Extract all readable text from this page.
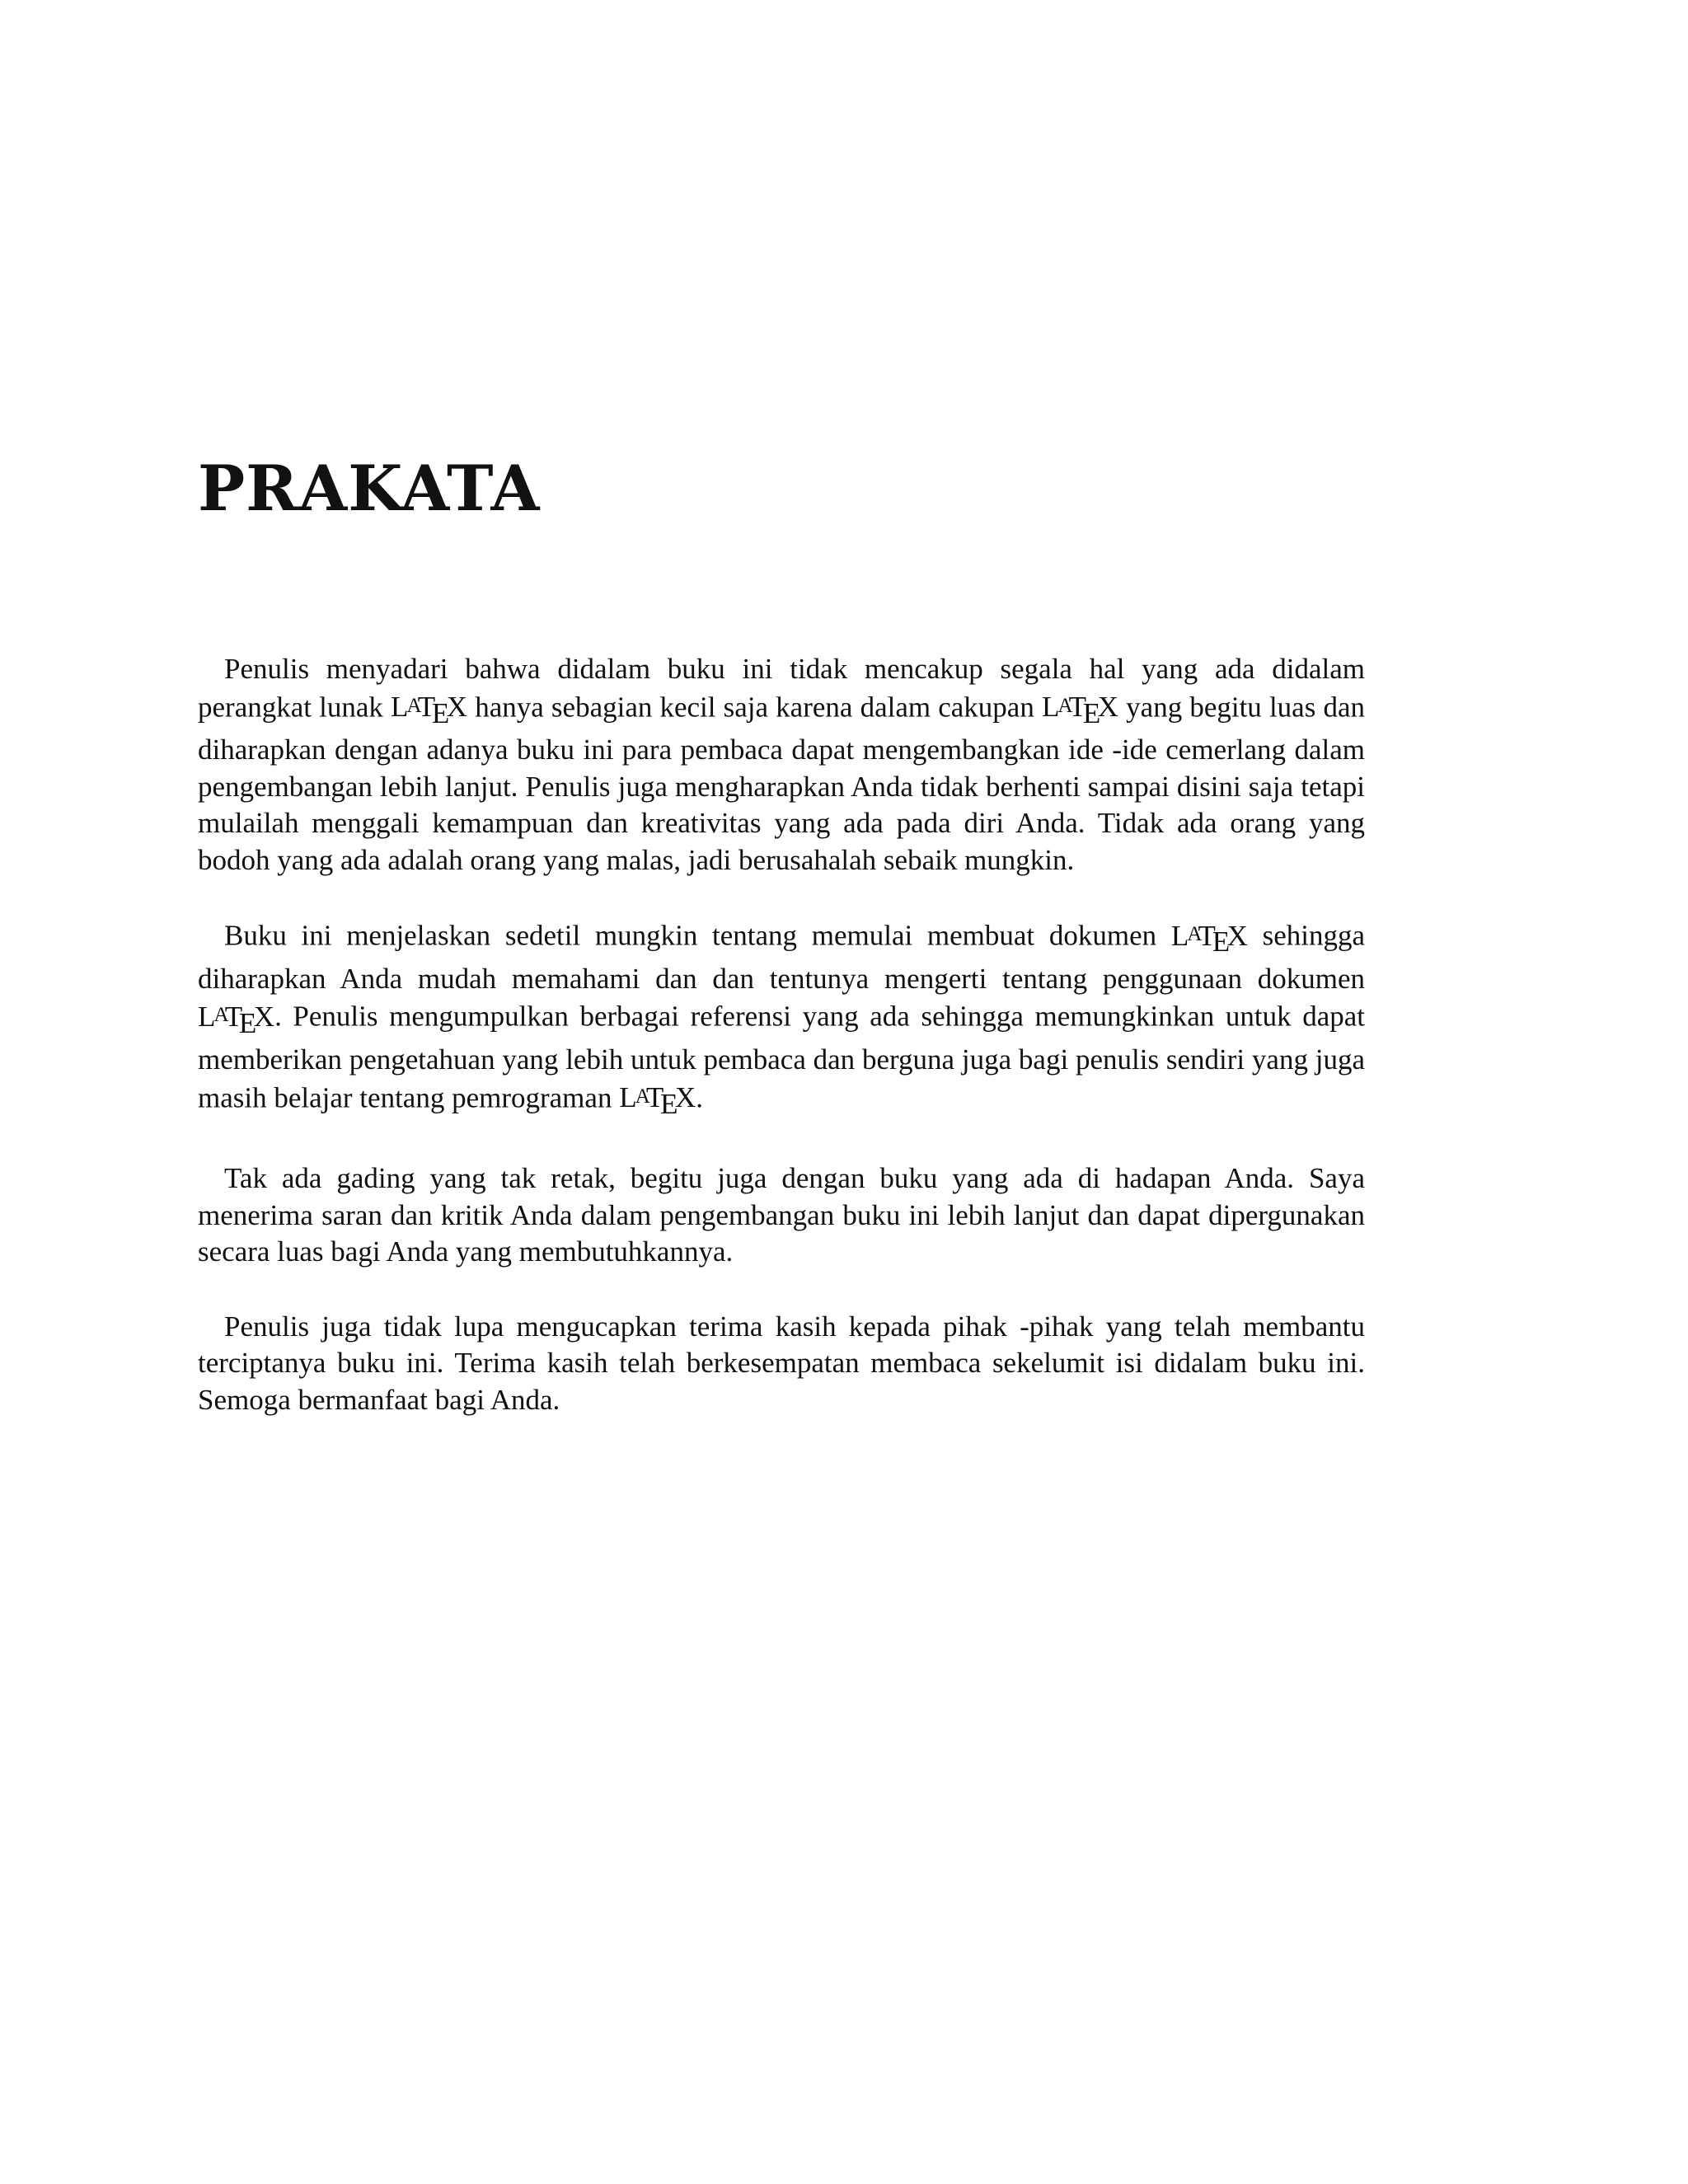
PRAKATA

Penulis menyadari bahwa didalam buku ini tidak mencakup segala hal yang ada didalam perangkat lunak LATEX hanya sebagian kecil saja karena dalam cakupan LATEX yang begitu luas dan diharapkan dengan adanya buku ini para pembaca dapat mengembangkan ide -ide cemerlang dalam pengembangan lebih lanjut. Penulis juga mengharapkan Anda tidak berhenti sampai disini saja tetapi mulailah menggali kemampuan dan kreativitas yang ada pada diri Anda. Tidak ada orang yang bodoh yang ada adalah orang yang malas, jadi berusahalah sebaik mungkin.

Buku ini menjelaskan sedetil mungkin tentang memulai membuat dokumen LATEX sehingga diharapkan Anda mudah memahami dan dan tentunya mengerti tentang penggunaan dokumen LATEX. Penulis mengumpulkan berbagai referensi yang ada sehingga memungkinkan untuk dapat memberikan pengetahuan yang lebih untuk pembaca dan berguna juga bagi penulis sendiri yang juga masih belajar tentang pemrograman LATEX.

Tak ada gading yang tak retak, begitu juga dengan buku yang ada di hadapan Anda. Saya menerima saran dan kritik Anda dalam pengembangan buku ini lebih lanjut dan dapat dipergunakan secara luas bagi Anda yang membutuhkannya.

Penulis juga tidak lupa mengucapkan terima kasih kepada pihak -pihak yang telah membantu terciptanya buku ini. Terima kasih telah berkesempatan membaca sekelumit isi didalam buku ini. Semoga bermanfaat bagi Anda.
